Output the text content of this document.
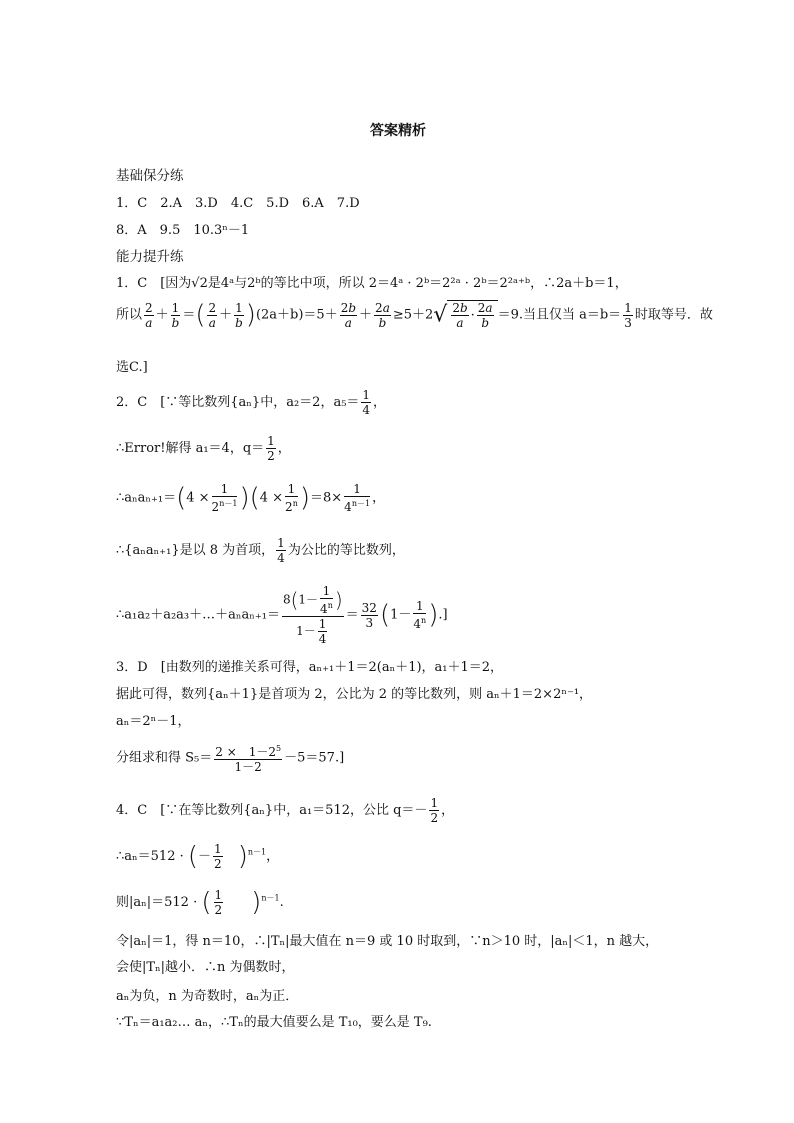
答案精析
基础保分练
1．C　2.A　3.D　4.C　5.D　6.A　7.D
8．A　9.5　10.3ⁿ－1
能力提升练
1．C　[因为√2是4ᵃ与2ᵇ的等比中项，所以 2＝4ᵃ · 2ᵇ＝2²ᵃ · 2ᵇ＝2²ᵃ⁺ᵇ，∴2a＋b＝1，
所以 $\frac{2}{a} + \frac{1}{b}$ ＝( $\frac{2}{a} + \frac{1}{b} )(2a+b)=5+ \frac{2b}{a} + \frac{2a}{b} \ge 5+2√ \frac{2b}{a} \cdot \frac{2a}{b} =9$.当且仅当 $a=b= \frac{1}{3}$ 时取等号．故
选C.]
2．C　[∵等比数列{aₙ}中，a₂＝2，$a_5= \frac{1}{4}$ ，
∴Error!解得 a₁＝4，$q= \frac{1}{2}$ ，
∴aₙaₙ₊₁＝(4 × $\frac{1}{2^{n-1}} )(4 \times \frac{1}{2^n} )=8\times \frac{1}{4^{n-1}}$ ，
∴{aₙaₙ₊₁}是以 8 为首项， $\frac{1}{4}$ 为公比的等比数列，
∴a₁a₂＋a₂a₃＋…＋aₙaₙ₊₁＝ $\frac{8(1- \frac{1}{4^n} )}{1- \frac{1}{4}} = \frac{32}{3} (1- \frac{1}{4^n}$ ).]
3．D　[由数列的递推关系可得，aₙ₊₁＋1＝2(aₙ＋1)，a₁＋1＝2，
据此可得，数列{aₙ＋1}是首项为 2，公比为 2 的等比数列，则 aₙ＋1＝2×2ⁿ⁻¹，
aₙ＝2ⁿ－1，
分组求和得 $S_5= \frac{2 \times 1-2^5}{1-2} -5=57$.]
4．C　[∵在等比数列{aₙ}中，a₁＝512，公比 $q=- \frac{1}{2}$ ，
∴aₙ＝512 · (－ $\frac{1}{2}$
　 )$^{n-1}$，
则|aₙ|＝512 · ( $\frac{1}{2}$
　　 )$^{n-1}$.
令|aₙ|＝1，得 n＝10，∴|Tₙ|最大值在 n＝9 或 10 时取到，∵n＞10 时，|aₙ|＜1，n 越大，
会使|Tₙ|越小．∴n 为偶数时，
aₙ为负，n 为奇数时，aₙ为正．
∵Tₙ＝a₁a₂… aₙ，∴Tₙ的最大值要么是 T₁₀，要么是 T₉.
